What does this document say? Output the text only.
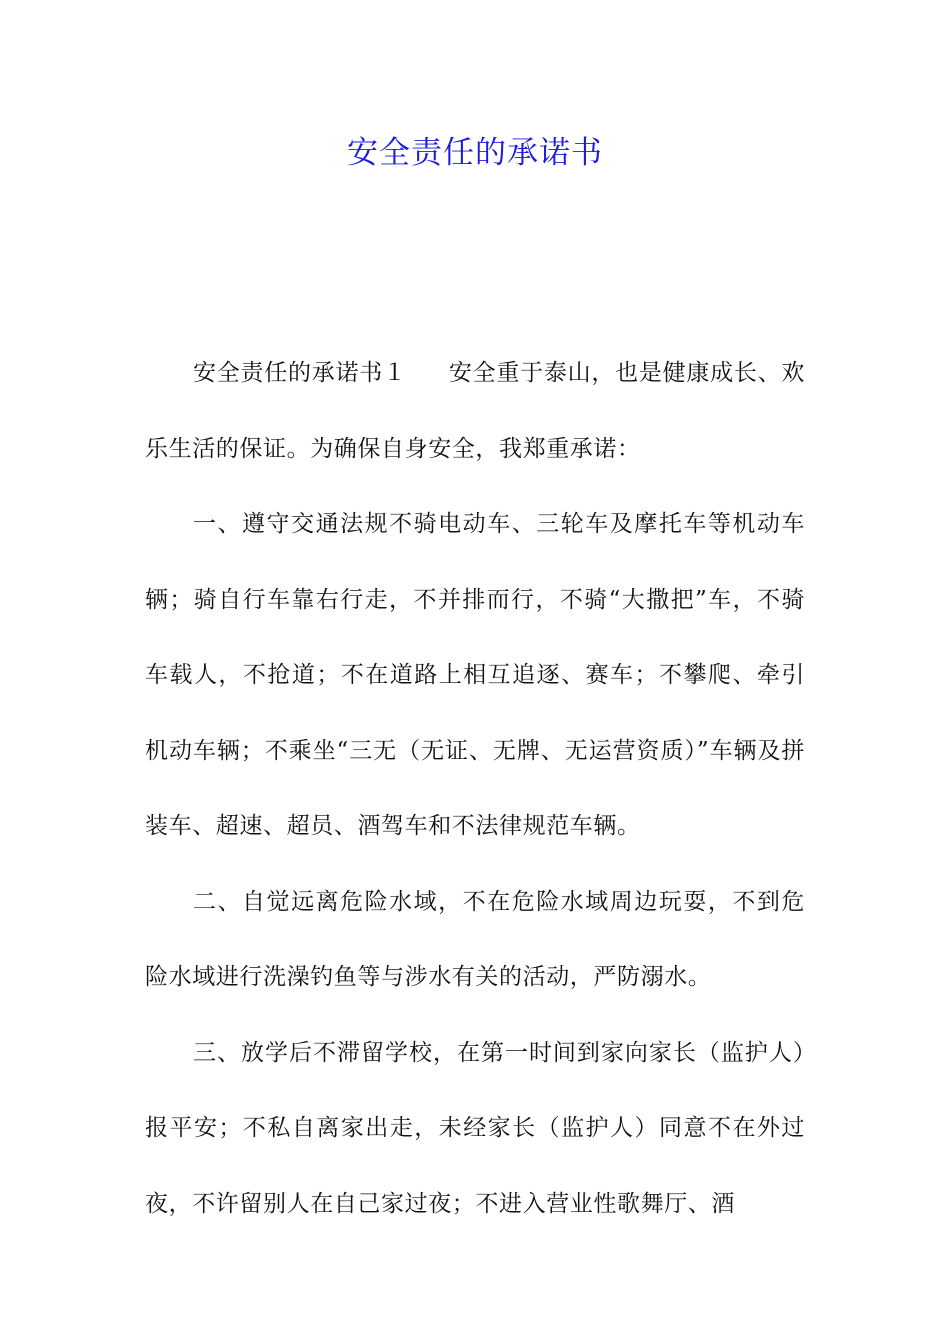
安全责任的承诺书

安全责任的承诺书１ 安全重于泰山，也是健康成长、欢乐生活的保证。为确保自身安全，我郑重承诺：

一、遵守交通法规不骑电动车、三轮车及摩托车等机动车辆；骑自行车靠右行走，不并排而行，不骑“大撒把”车，不骑车载人，不抢道；不在道路上相互追逐、赛车；不攀爬、牵引机动车辆；不乘坐“三无（无证、无牌、无运营资质）”车辆及拼装车、超速、超员、酒驾车和不法律规范车辆。

二、自觉远离危险水域，不在危险水域周边玩耍，不到危险水域进行洗澡钓鱼等与涉水有关的活动，严防溺水。

三、放学后不滞留学校，在第一时间到家向家长（监护人）报平安；不私自离家出走，未经家长（监护人）同意不在外过夜，不许留别人在自己家过夜；不进入营业性歌舞厅、酒
